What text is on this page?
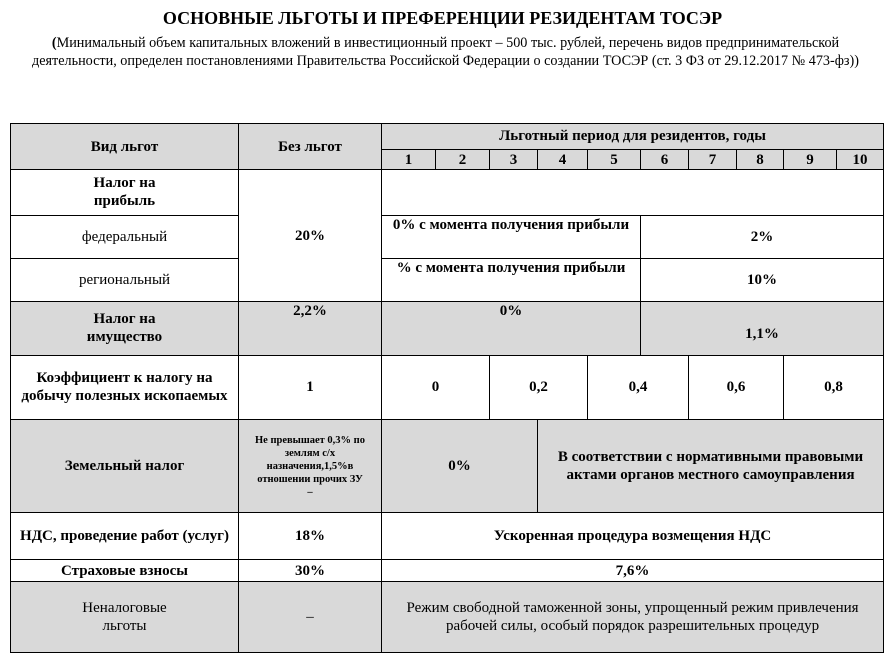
ОСНОВНЫЕ ЛЬГОТЫ И ПРЕФЕРЕНЦИИ РЕЗИДЕНТАМ ТОСЭР
(Минимальный объем капитальных вложений в инвестиционный проект – 500 тыс. рублей, перечень видов предпринимательской деятельности, определен постановлениями Правительства Российской Федерации о создании ТОСЭР (ст. 3 ФЗ от 29.12.2017 № 473-фз))
Вид льгот	Без льгот	Льготный период для резидентов, годы									
		1	2	3	4	5	6	7	8	9	10

Налог на прибыль	20%										
федеральный		0% с момента получения прибыли					2%				
региональный		% с момента получения прибыли					10%				

Налог на имущество	2,2%	0%					1,1%				
Коэффициент к налогу на добычу полезных ископаемых	1	0		0,2		0,4		0,6		0,8	
Земельный налог	Не превышает 0,3% по землям с/х назначения,1,5%в отношении прочих ЗУ –	0%			В соответствии с нормативными правовыми актами органов местного самоуправления						
НДС, проведение работ (услуг)	18%	Ускоренная процедура возмещения НДС									
Страховые взносы	30%	7,6%									

Неналоговые льготы	–	Режим свободной таможенной зоны, упрощенный режим привлечения рабочей силы, особый порядок разрешительных процедур									
